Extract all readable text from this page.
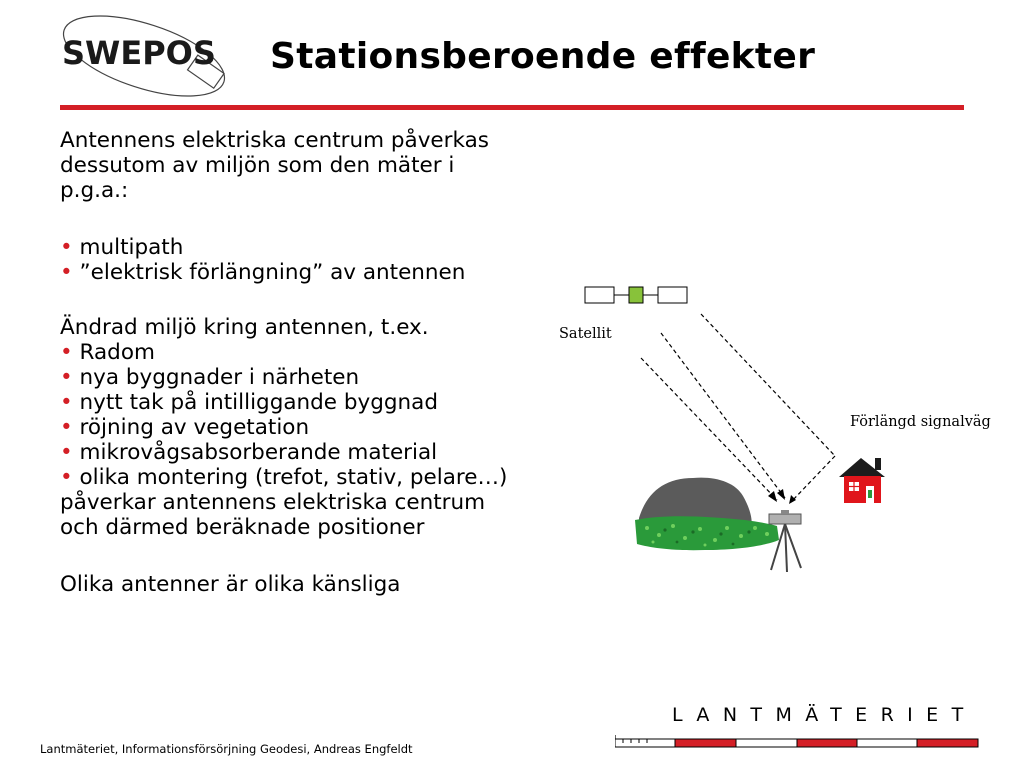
SWEPOS Stationsberoende effekter

Antennens elektriska centrum påverkas

dessutom av miljön som den mäter i

p.g.a.:

• multipath

• ”elektrisk förlängning” av antennen

Ändrad miljö kring antennen, t.ex.

• Radom

• nya byggnader i närheten

• nytt tak på intilliggande byggnad

• röjning av vegetation

• mikrovågsabsorberande material

• olika montering (trefot, stativ, pelare…)

påverkar antennens elektriska centrum

och därmed beräknade positioner

Olika antenner är olika känsliga

Satellit
Förlängd signalväg
Lantmäteriet, Informationsförsörjning Geodesi, Andreas Engfeldt
LANTMÄTERIET
